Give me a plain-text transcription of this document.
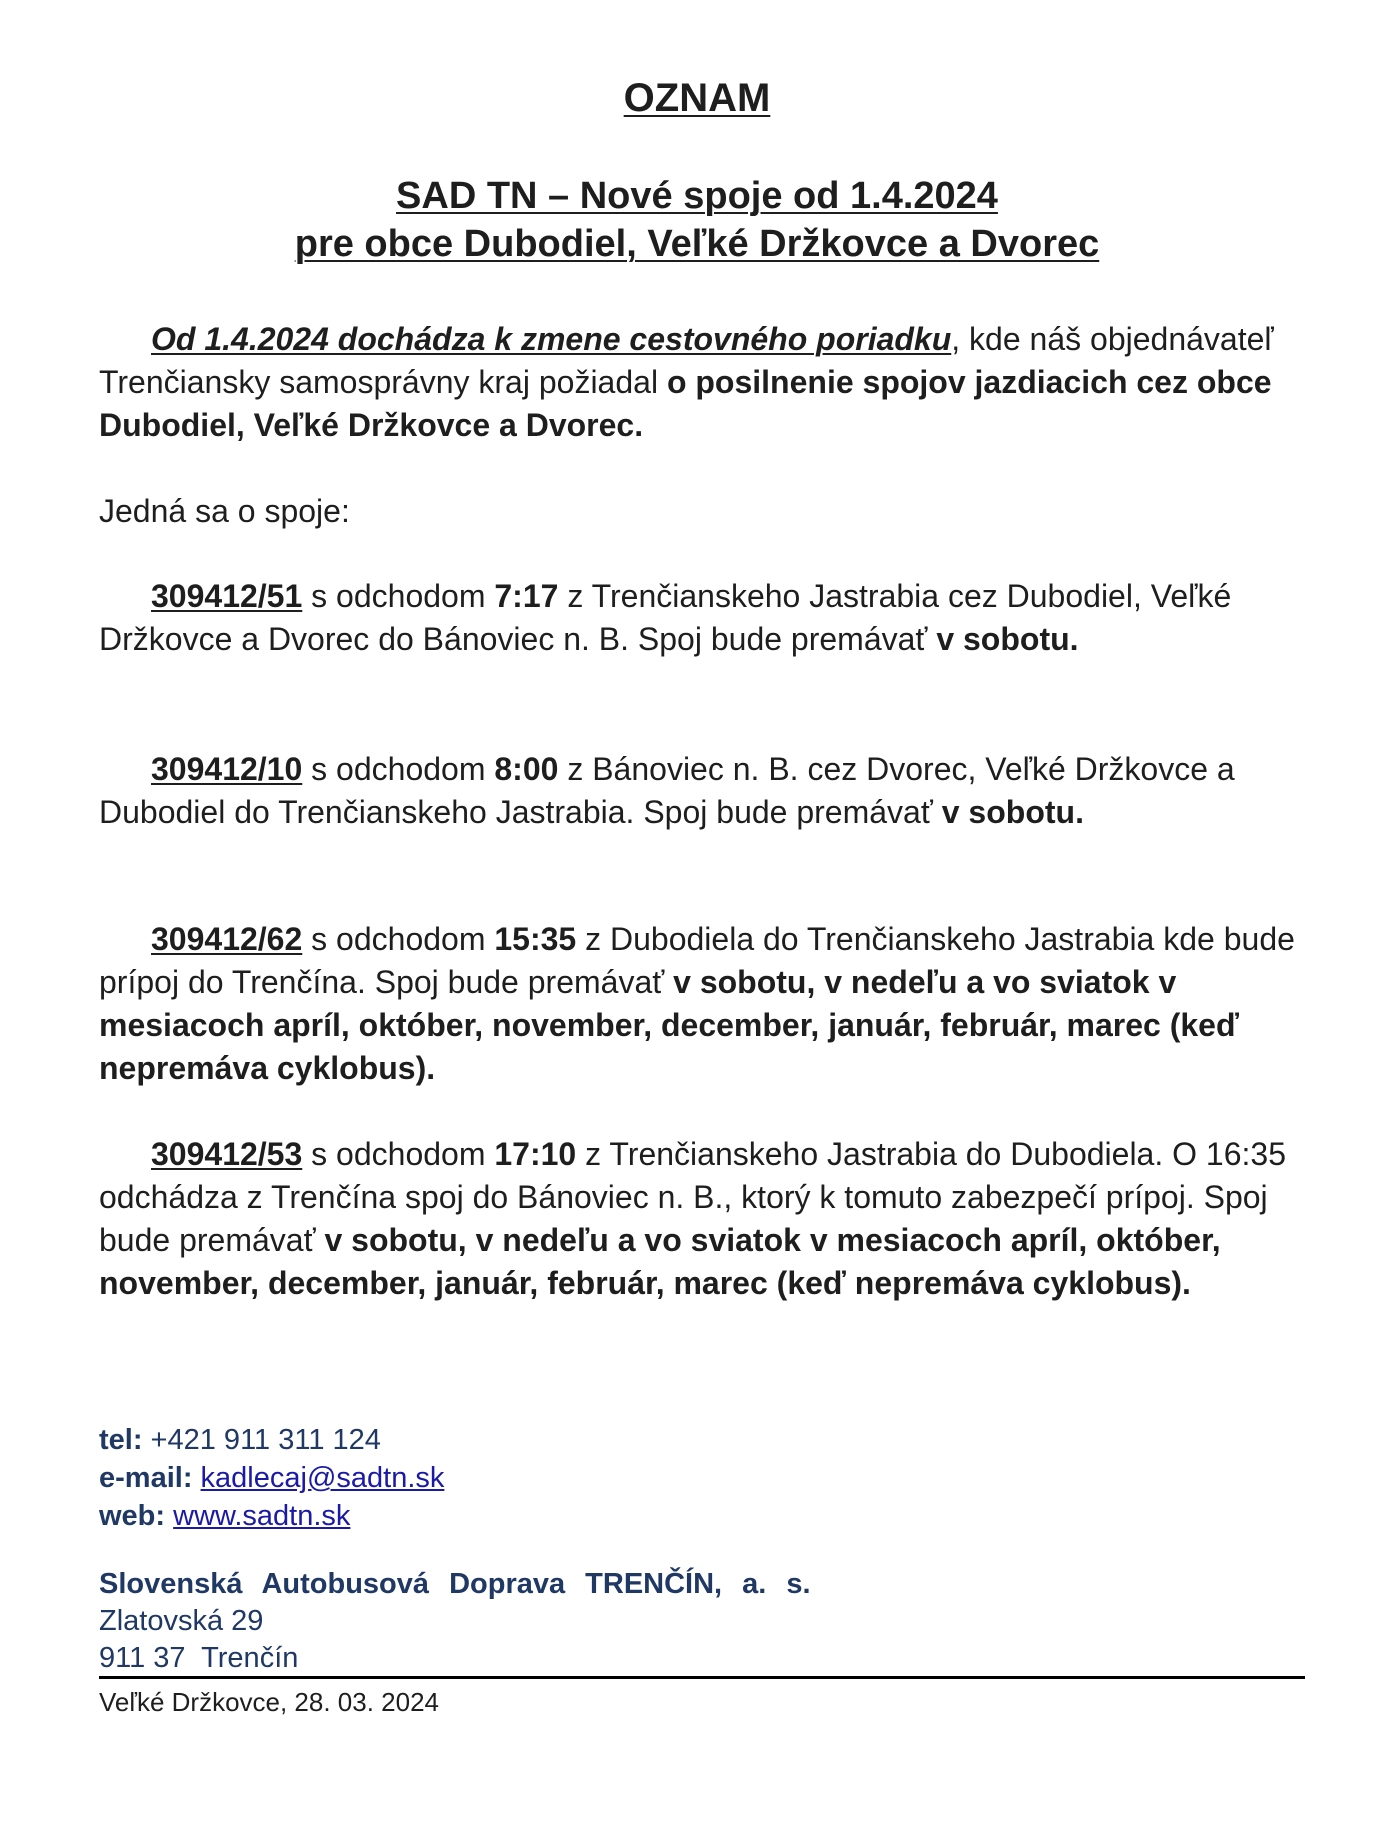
OZNAM
SAD TN – Nové spoje od 1.4.2024
pre obce Dubodiel, Veľké Držkovce a Dvorec
Od 1.4.2024 dochádza k zmene cestovného poriadku, kde náš objednávateľ Trenčiansky samosprávny kraj požiadal o posilnenie spojov jazdiacich cez obce Dubodiel, Veľké Držkovce a Dvorec.
Jedná sa o spoje:
309412/51 s odchodom 7:17 z Trenčianskeho Jastrabia cez Dubodiel, Veľké Držkovce a Dvorec do Bánoviec n. B. Spoj bude premávať v sobotu.
309412/10 s odchodom 8:00 z Bánoviec n. B. cez Dvorec, Veľké Držkovce a Dubodiel do Trenčianskeho Jastrabia. Spoj bude premávať v sobotu.
309412/62 s odchodom 15:35 z Dubodiela do Trenčianskeho Jastrabia kde bude prípoj do Trenčína. Spoj bude premávať v sobotu, v nedeľu a vo sviatok v mesiacoch apríl, október, november, december, január, február, marec (keď nepremáva cyklobus).
309412/53 s odchodom 17:10 z Trenčianskeho Jastrabia do Dubodiela. O 16:35 odchádza z Trenčína spoj do Bánoviec n. B., ktorý k tomuto zabezpečí prípoj. Spoj bude premávať v sobotu, v nedeľu a vo sviatok v mesiacoch apríl, október, november, december, január, február, marec (keď nepremáva cyklobus).
tel: +421 911 311 124
e-mail: kadlecaj@sadtn.sk
web: www.sadtn.sk
Slovenská Autobusová Doprava TRENČÍN, a. s.
Zlatovská 29
911 37  Trenčín
Veľké Držkovce, 28. 03. 2024
